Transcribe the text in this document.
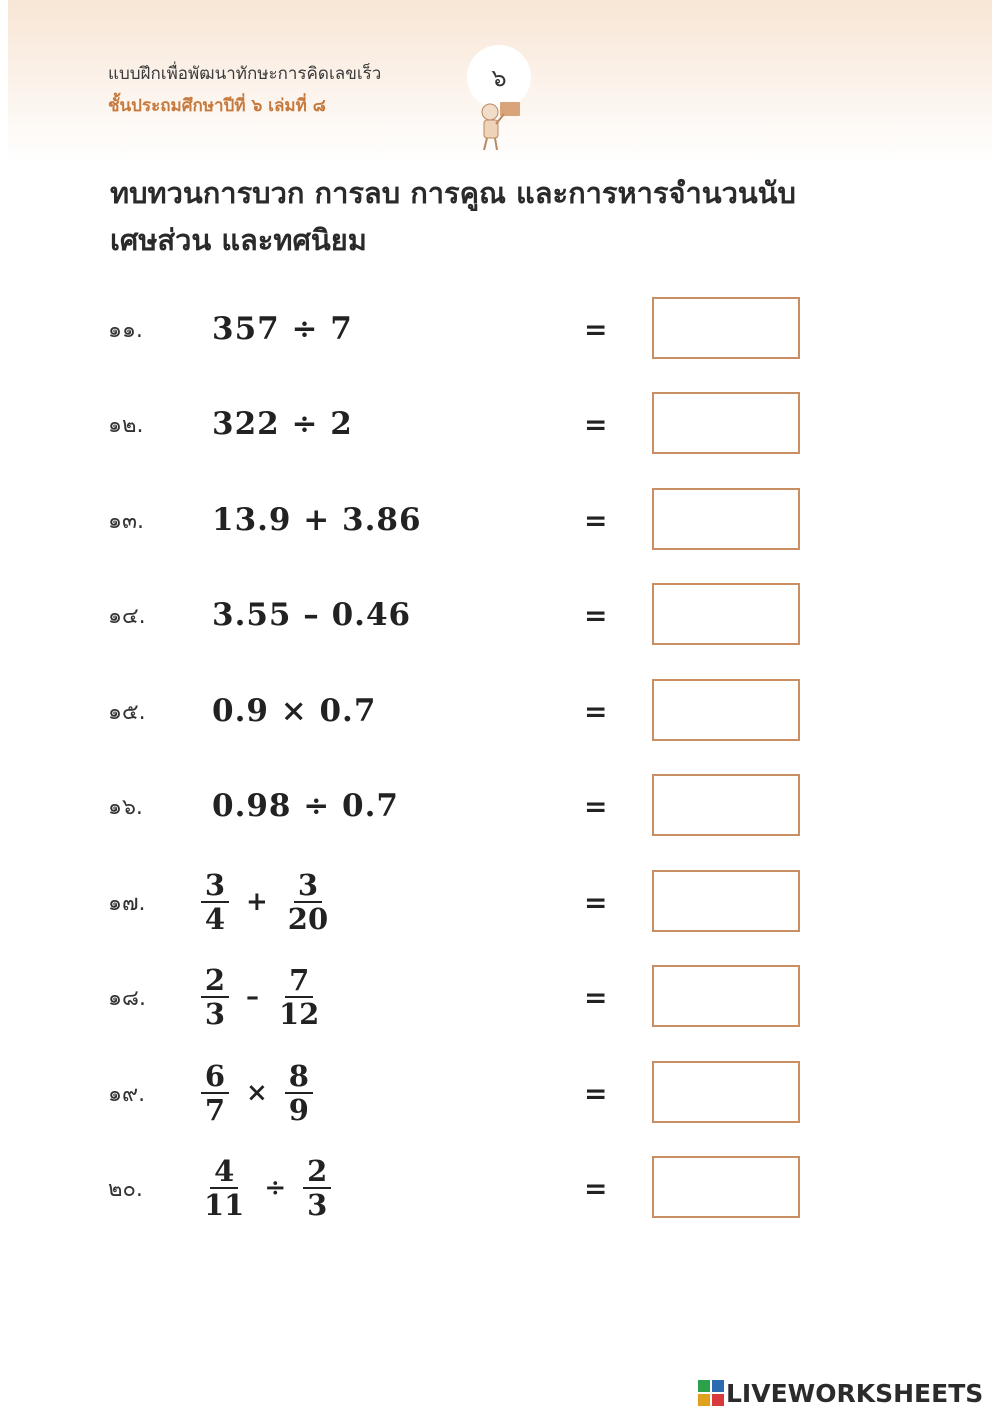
แบบฝึกเพื่อพัฒนาทักษะการคิดเลขเร็ว
ชั้นประถมศึกษาปีที่ ๖ เล่มที่ ๘
๖
ทบทวนการบวก การลบ การคูณ และการหารจำนวนนับ เศษส่วน และทศนิยม
๑๑. 357 ÷ 7	=
๑๒. 322 ÷ 2	=
๑๓. 13.9 + 3.86	=
๑๔. 3.55 – 0.46	=
๑๕. 0.9 × 0.7	=
๑๖. 0.98 ÷ 0.7	=
๑๗. $\frac{3}{4} + \frac{3}{20}$	=
๑๘. $\frac{2}{3} - \frac{7}{12}$	=
๑๙. $\frac{6}{7} \times \frac{8}{9}$	=
๒๐. $\frac{4}{11} \div \frac{2}{3}$	=
LIVEWORKSHEETS
